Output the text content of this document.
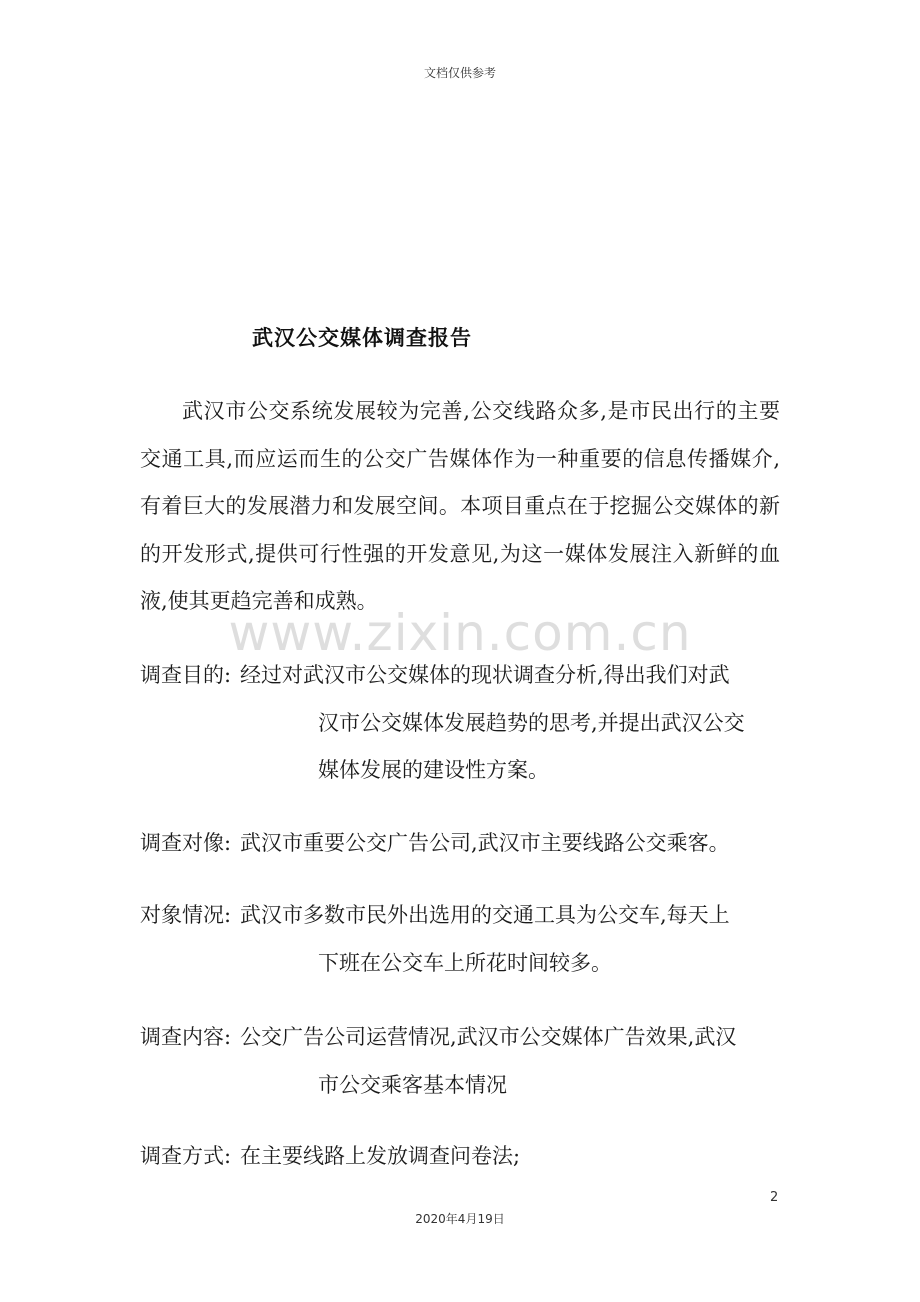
文档仅供参考
武汉公交媒体调查报告

武汉市公交系统发展较为完善,公交线路众多,是市民出行的主要交通工具,而应运而生的公交广告媒体作为一种重要的信息传播媒介,有着巨大的发展潜力和发展空间。本项目重点在于挖掘公交媒体的新的开发形式,提供可行性强的开发意见,为这一媒体发展注入新鲜的血液,使其更趋完善和成熟。

www.zixin.com.cn
调查目的: 经过对武汉市公交媒体的现状调查分析,得出我们对武
汉市公交媒体发展趋势的思考,并提出武汉公交
媒体发展的建设性方案。
调查对像: 武汉市重要公交广告公司,武汉市主要线路公交乘客。
对象情况: 武汉市多数市民外出选用的交通工具为公交车,每天上
下班在公交车上所花时间较多。
调查内容: 公交广告公司运营情况,武汉市公交媒体广告效果,武汉
市公交乘客基本情况
调查方式: 在主要线路上发放调查问卷法;
2
2020年4月19日
